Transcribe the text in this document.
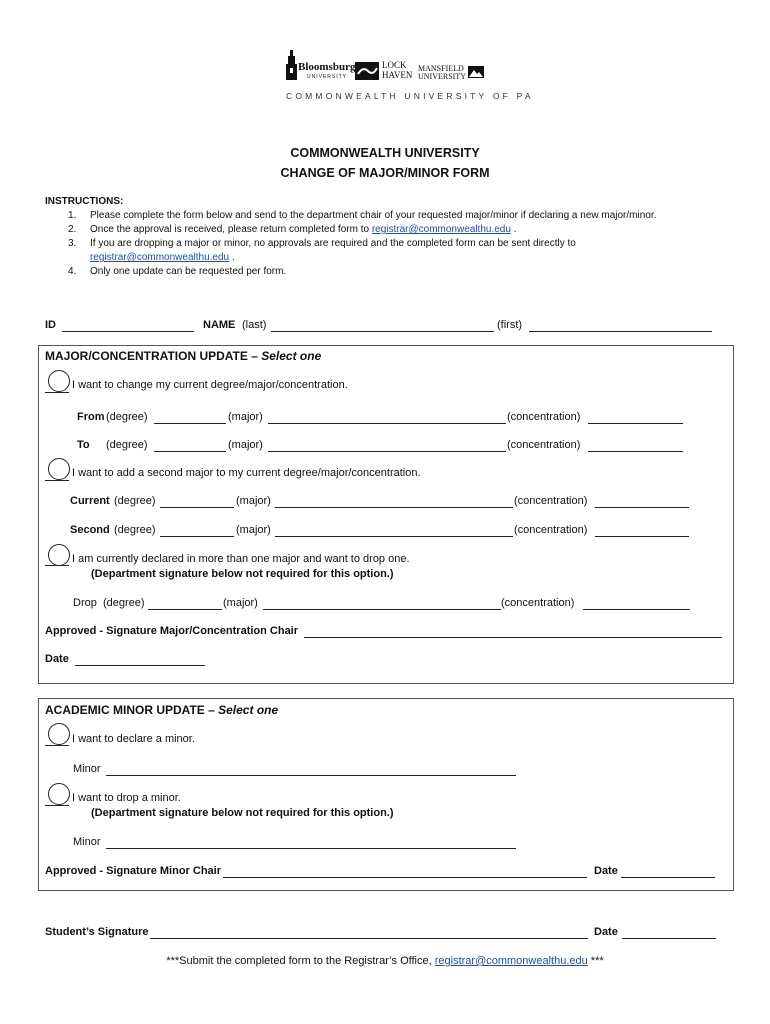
Bloomsburg
UNIVERSITY
LOCK
HAVEN
MANSFIELD
UNIVERSITY
COMMONWEALTH UNIVERSITY OF PA
COMMONWEALTH UNIVERSITY
CHANGE OF MAJOR/MINOR FORM
INSTRUCTIONS:
1. Please complete the form below and send to the department chair of your requested major/minor if declaring a new major/minor.
2. Once the approval is received, please return completed form to registrar@commonwealthu.edu .
3. If you are dropping a major or minor, no approvals are required and the completed form can be sent directly to
registrar@commonwealthu.edu .
4. Only one update can be requested per form.
ID	NAME (last)	(first)
MAJOR/CONCENTRATION UPDATE – Select one
I want to change my current degree/major/concentration.
From (degree)	(major)	(concentration)
To (degree)	(major)	(concentration)
I want to add a second major to my current degree/major/concentration.
Current (degree)	(major)	(concentration)
Second (degree)	(major)	(concentration)
I am currently declared in more than one major and want to drop one.
(Department signature below not required for this option.)
Drop (degree)	(major)	(concentration)
Approved - Signature Major/Concentration Chair
Date
ACADEMIC MINOR UPDATE – Select one
I want to declare a minor.
Minor
I want to drop a minor.
(Department signature below not required for this option.)
Minor
Approved - Signature Minor Chair	Date
Student’s Signature	Date
***Submit the completed form to the Registrar’s Office, registrar@commonwealthu.edu ***
